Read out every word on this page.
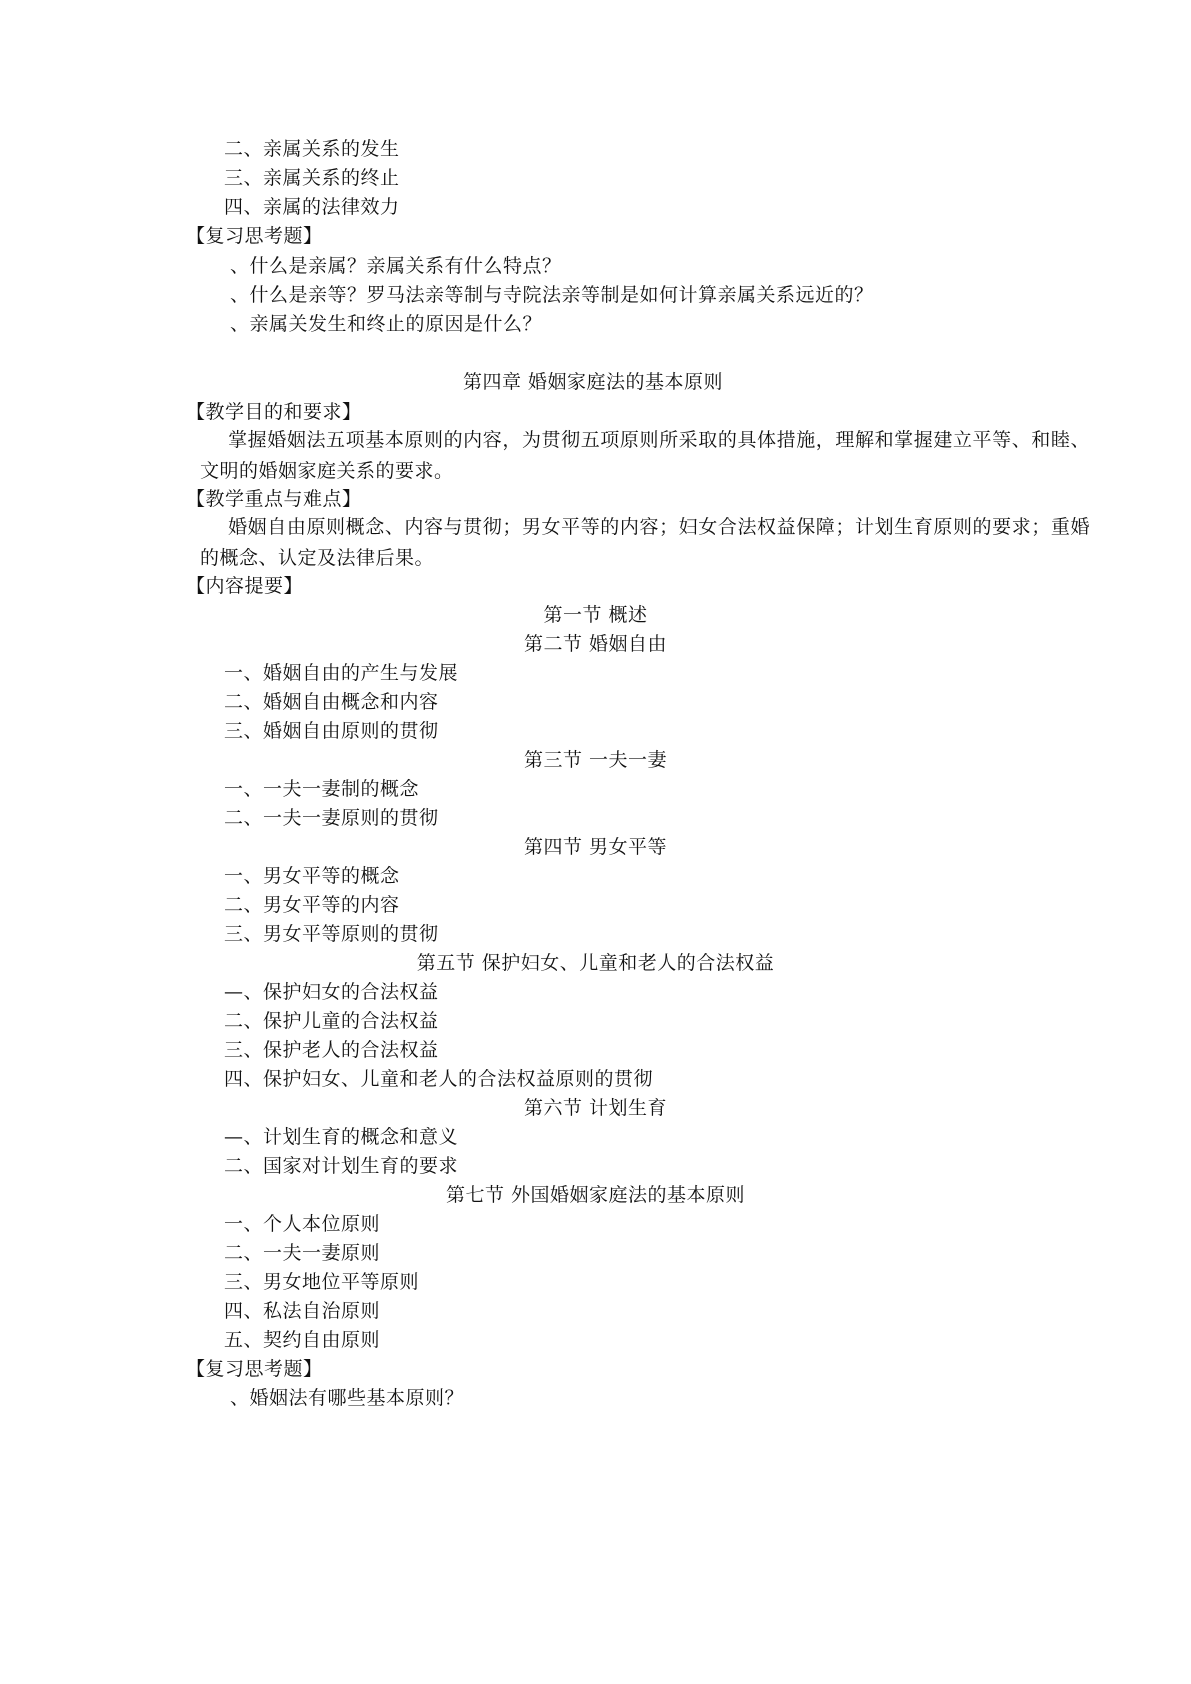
二、亲属关系的发生
三、亲属关系的终止
四、亲属的法律效力
【复习思考题】
、什么是亲属？亲属关系有什么特点？
、什么是亲等？罗马法亲等制与寺院法亲等制是如何计算亲属关系远近的？
、亲属关发生和终止的原因是什么？
第四章 婚姻家庭法的基本原则
【教学目的和要求】
掌握婚姻法五项基本原则的内容，为贯彻五项原则所采取的具体措施，理解和掌握建立平等、和睦、文明的婚姻家庭关系的要求。
【教学重点与难点】
婚姻自由原则概念、内容与贯彻；男女平等的内容；妇女合法权益保障；计划生育原则的要求；重婚的概念、认定及法律后果。
【内容提要】
第一节 概述
第二节 婚姻自由
一、婚姻自由的产生与发展
二、婚姻自由概念和内容
三、婚姻自由原则的贯彻
第三节 一夫一妻
一、一夫一妻制的概念
二、一夫一妻原则的贯彻
第四节 男女平等
一、男女平等的概念
二、男女平等的内容
三、男女平等原则的贯彻
第五节 保护妇女、儿童和老人的合法权益
—、保护妇女的合法权益
二、保护儿童的合法权益
三、保护老人的合法权益
四、保护妇女、儿童和老人的合法权益原则的贯彻
第六节 计划生育
—、计划生育的概念和意义
二、国家对计划生育的要求
第七节 外国婚姻家庭法的基本原则
一、个人本位原则
二、一夫一妻原则
三、男女地位平等原则
四、私法自治原则
五、契约自由原则
【复习思考题】
、婚姻法有哪些基本原则？
